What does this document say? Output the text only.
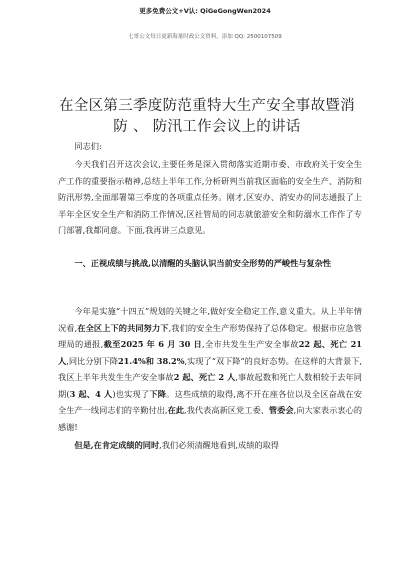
更多免费公文+V认: QiGeGongWen2024
七哥公文每日更新海量时政公文资料，添加 QQ: 2500107509
在全区第三季度防范重特大生产安全事故暨消防 、 防汛工作会议上的讲话

同志们:

今天我们召开这次会议,主要任务是深入贯彻落实近期市委、市政府关于安全生产工作的重要指示精神,总结上半年工作,分析研判当前我区面临的安全生产、消防和防汛形势,全面部署第三季度的各项重点任务。刚才,区安办、消安办的同志通报了上半年全区安全生产和消防工作情况,区社管局的同志就旅游安全和防溺水工作作了专门部署,我都同意。下面,我再讲三点意见。

一、正视成绩与挑战,以清醒的头脑认识当前安全形势的严峻性与复杂性

今年是实施“十四五”规划的关键之年,做好安全稳定工作,意义重大。从上半年情况看,在全区上下的共同努力下,我们的安全生产形势保持了总体稳定。根据市应急管理局的通报,截至2025 年 6 月 30 日,全市共发生生产安全事故22 起、死亡 21 人,同比分别下降21.4%和 38.2%,实现了“双下降”的良好态势。在这样的大背景下,我区上半年共发生生产安全事故2 起、死亡 2 人,事故起数和死亡人数相较于去年同期(3 起、4 人)也实现了下降。这些成绩的取得,离不开在座各位以及全区奋战在安全生产一线同志们的辛勤付出,在此,我代表高新区党工委、管委会,向大家表示衷心的感谢!

但是,在肯定成绩的同时,我们必须清醒地看到,成绩的取得
